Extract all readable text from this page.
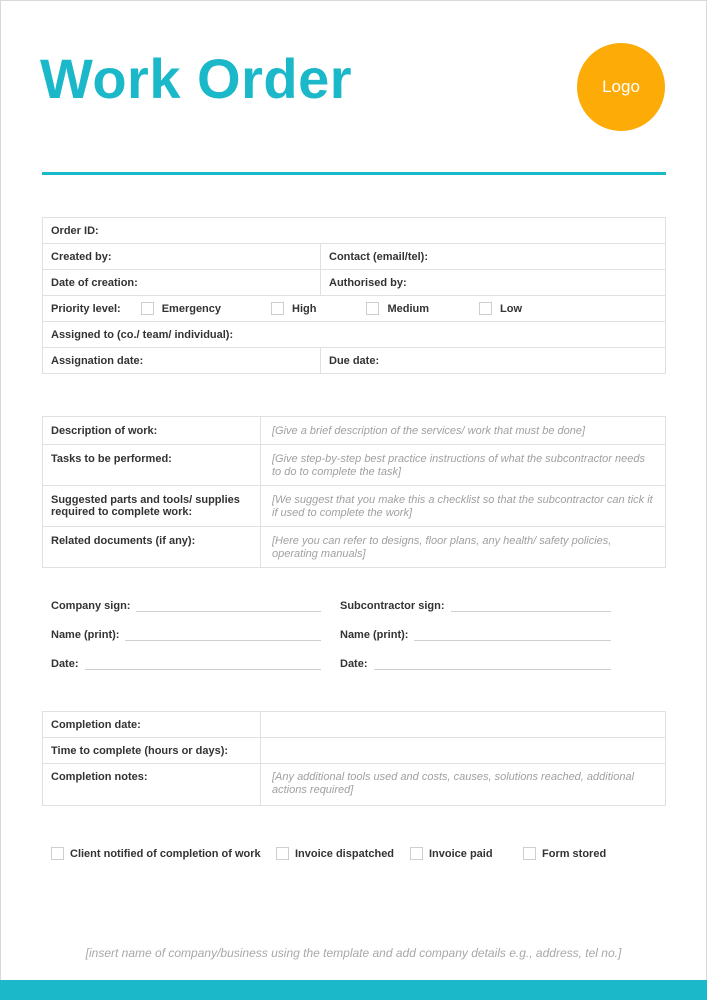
Work Order	Logo
Order ID:	
Created by:	Contact (email/tel):
Date of creation:	Authorised by:

Priority level: Emergency High Medium Low	

Assigned to (co./ team/ individual):	
Assignation date:	Due date:
Description of work:	[Give a brief description of the services/ work that must be done]
Tasks to be performed:	[Give step-by-step best practice instructions of what the subcontractor needs to do to complete the task]
Suggested parts and tools/ supplies required to complete work:	[We suggest that you make this a checklist so that the subcontractor can tick it if used to complete the work]
Related documents (if any):	[Here you can refer to designs, floor plans, any health/ safety policies, operating manuals]
Company sign:	Subcontractor sign:
Name (print):	Name (print):
Date:	Date:
Completion date:	
Time to complete (hours or days):	
Completion notes:	[Any additional tools used and costs, causes, solutions reached, additional actions required]
Client notified of completion of work	Invoice dispatched	Invoice paid	Form stored
[insert name of company/business using the template and add company details e.g., address, tel no.]
